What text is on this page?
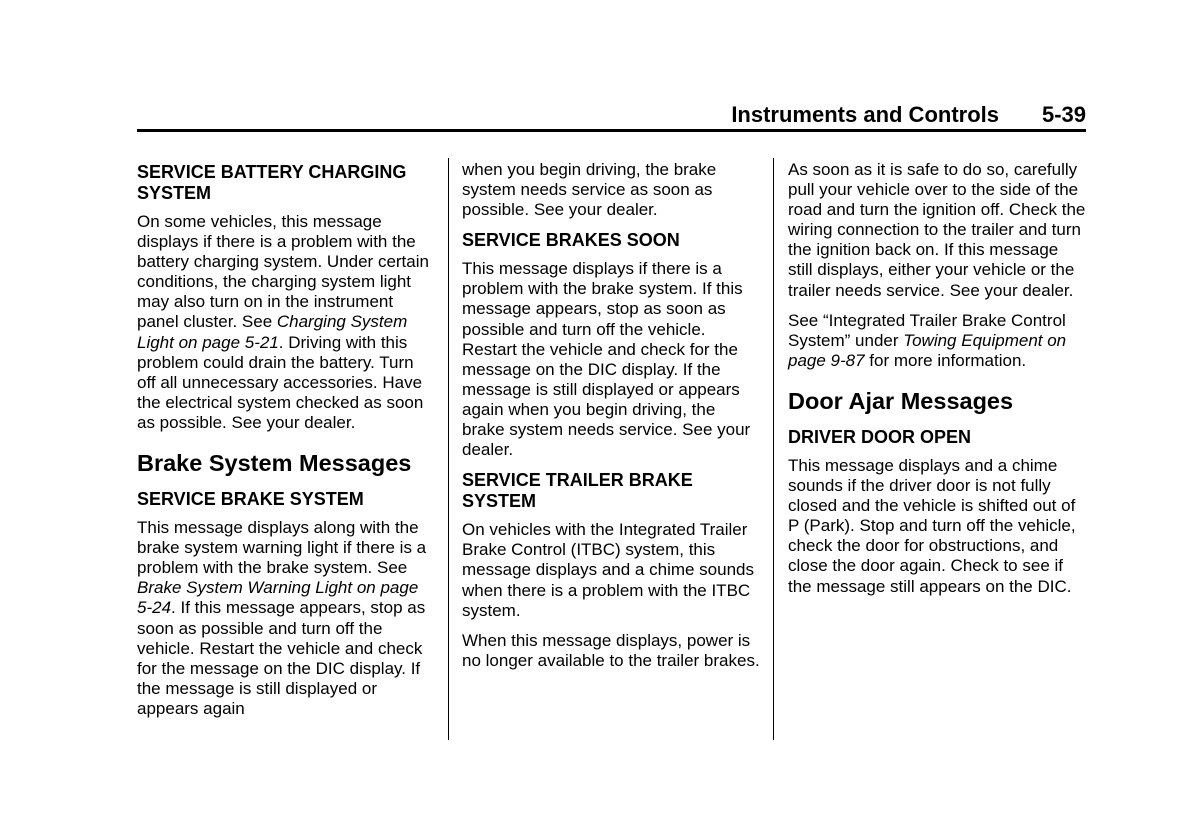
Instruments and Controls 5-39
SERVICE BATTERY CHARGING SYSTEM

On some vehicles, this message displays if there is a problem with the battery charging system. Under certain conditions, the charging system light may also turn on in the instrument panel cluster. See Charging System Light on page 5-21. Driving with this problem could drain the battery. Turn off all unnecessary accessories. Have the electrical system checked as soon as possible. See your dealer.

Brake System Messages
SERVICE BRAKE SYSTEM

This message displays along with the brake system warning light if there is a problem with the brake system. See Brake System Warning Light on page 5-24. If this message appears, stop as soon as possible and turn off the vehicle. Restart the vehicle and check for the message on the DIC display. If the message is still displayed or appears again

when you begin driving, the brake system needs service as soon as possible. See your dealer.

SERVICE BRAKES SOON

This message displays if there is a problem with the brake system. If this message appears, stop as soon as possible and turn off the vehicle. Restart the vehicle and check for the message on the DIC display. If the message is still displayed or appears again when you begin driving, the brake system needs service. See your dealer.

SERVICE TRAILER BRAKE SYSTEM

On vehicles with the Integrated Trailer Brake Control (ITBC) system, this message displays and a chime sounds when there is a problem with the ITBC system.

When this message displays, power is no longer available to the trailer brakes.

As soon as it is safe to do so, carefully pull your vehicle over to the side of the road and turn the ignition off. Check the wiring connection to the trailer and turn the ignition back on. If this message still displays, either your vehicle or the trailer needs service. See your dealer.

See “Integrated Trailer Brake Control System” under Towing Equipment on page 9-87 for more information.

Door Ajar Messages
DRIVER DOOR OPEN

This message displays and a chime sounds if the driver door is not fully closed and the vehicle is shifted out of P (Park). Stop and turn off the vehicle, check the door for obstructions, and close the door again. Check to see if the message still appears on the DIC.
